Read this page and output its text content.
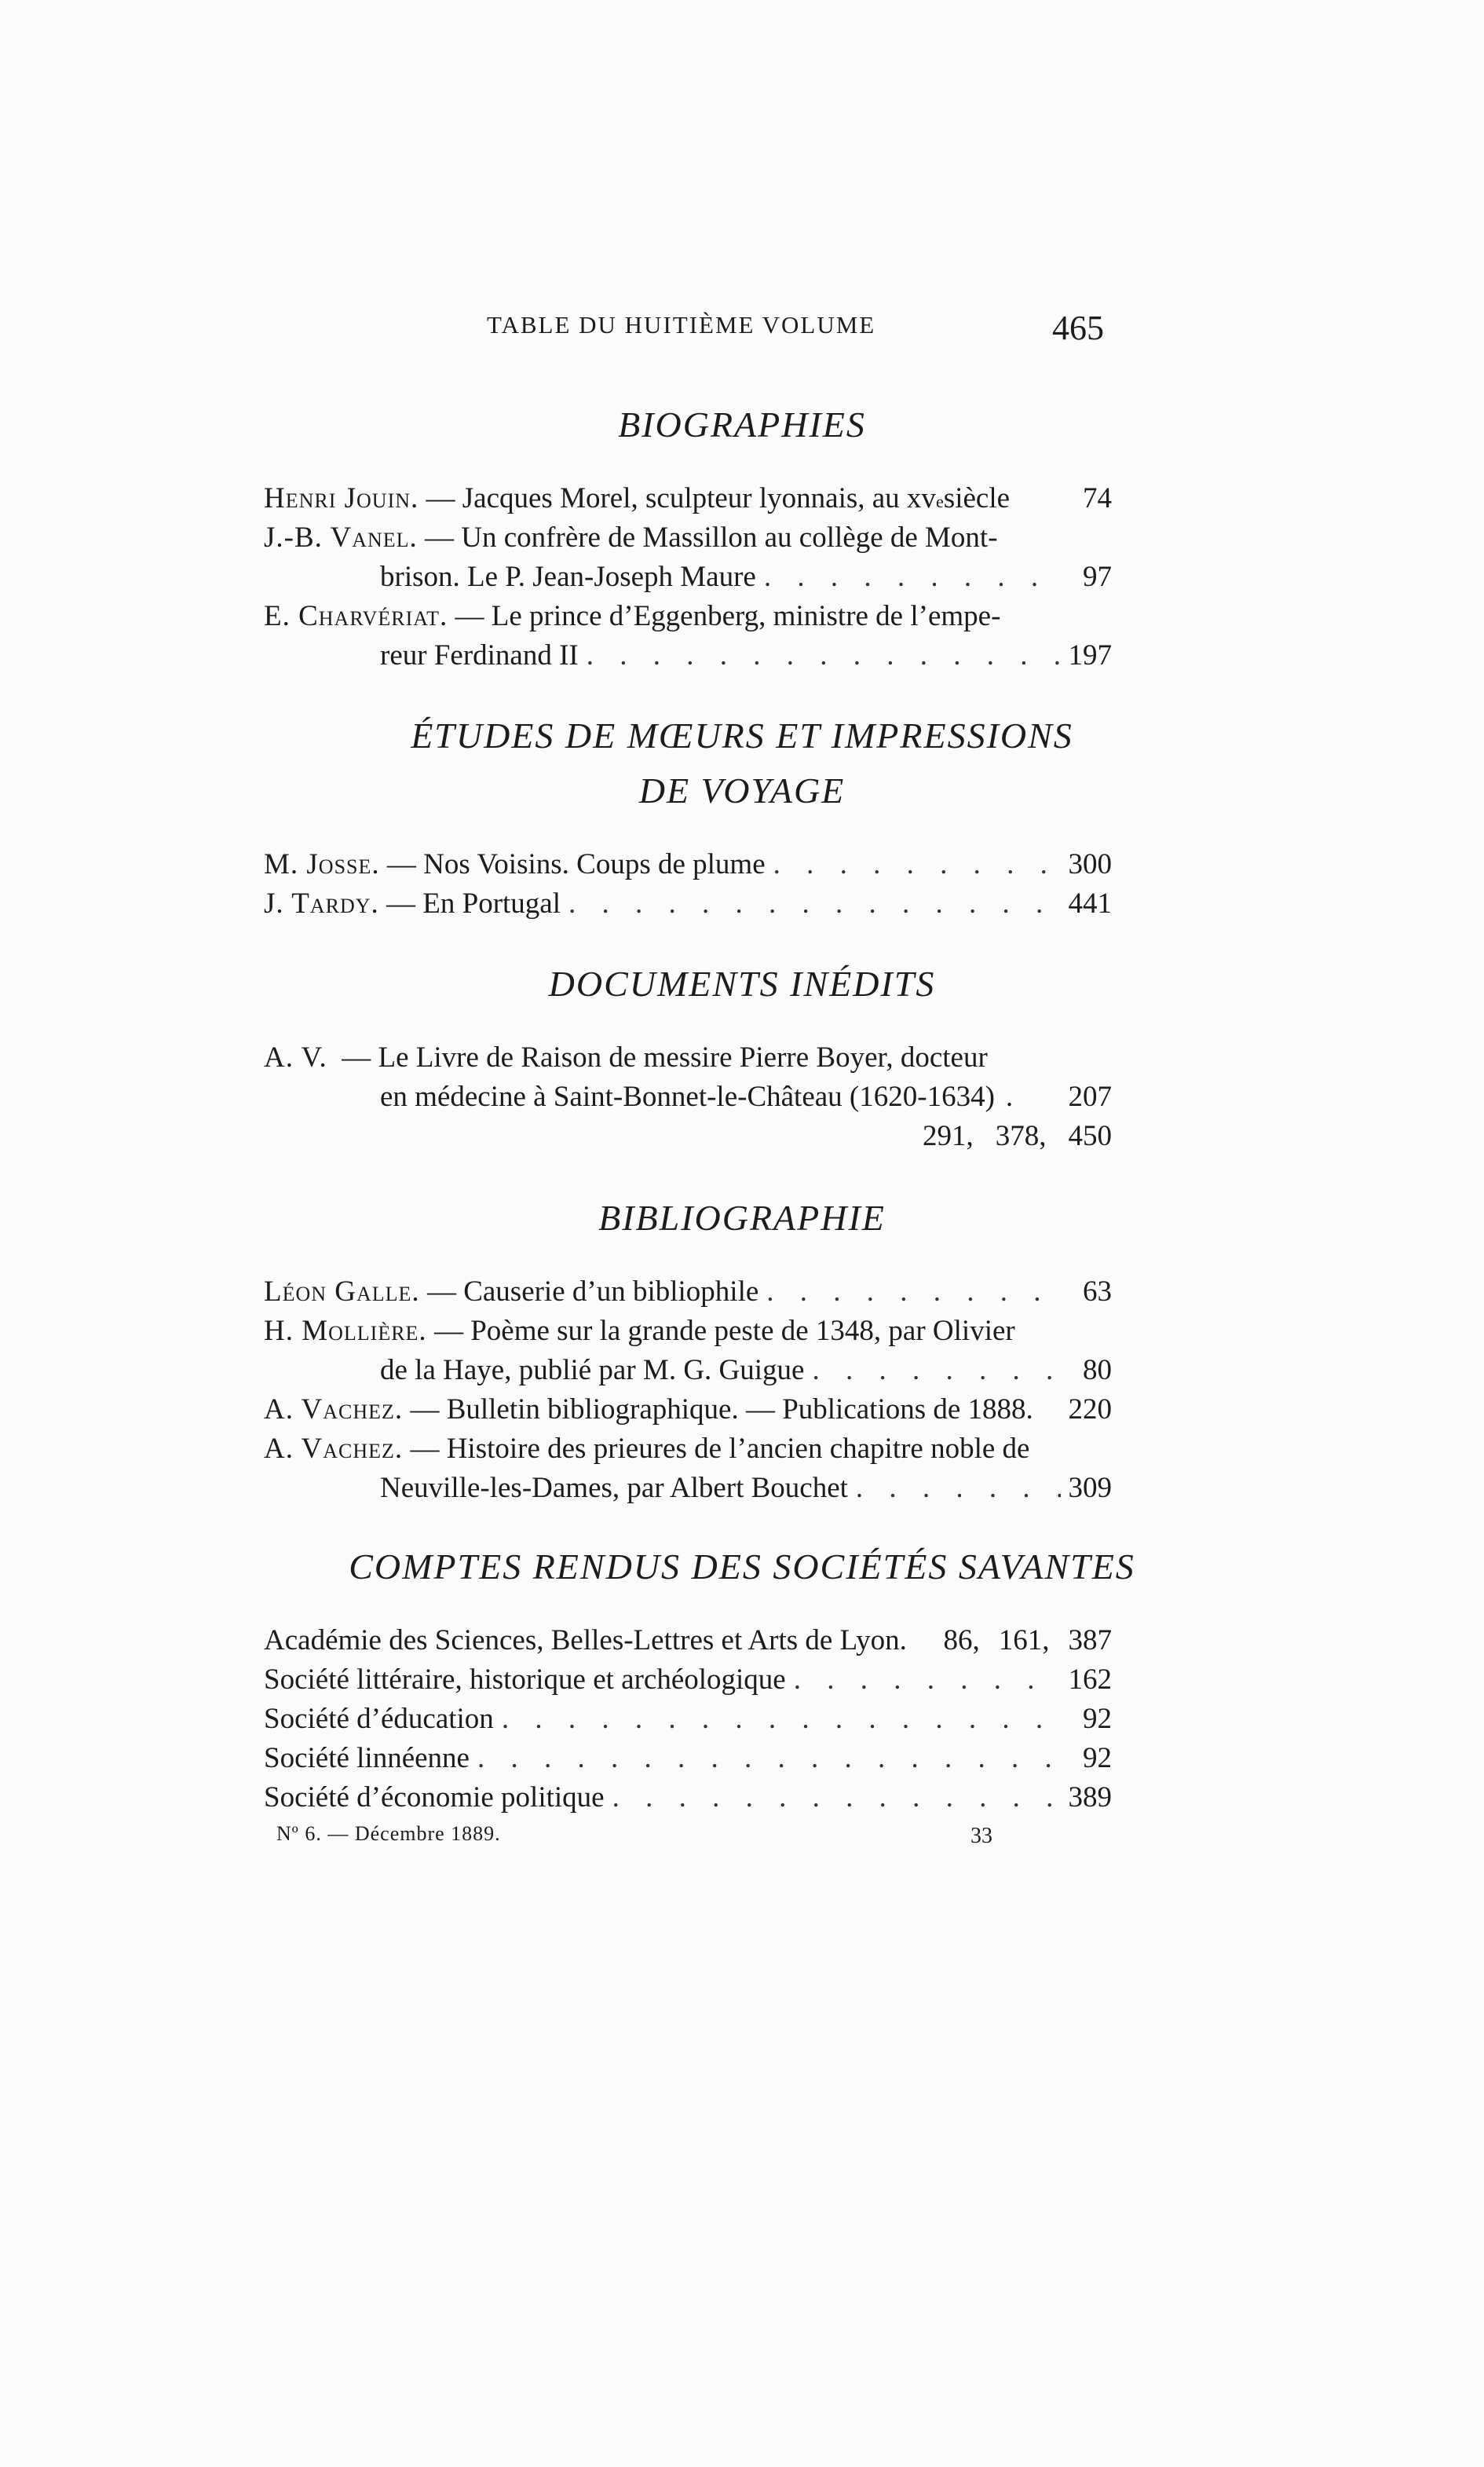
TABLE DU HUITIÈME VOLUME	465
BIOGRAPHIES
Henri Jouin.
— Jacques Morel, sculpteur lyonnais, au xv e siècle	74
J.-B. Vanel.
— Un confrère de Massillon au collège de Mont-
brison. Le P. Jean-Joseph Maure . . .	97
E. Charvériat.
— Le prince d’Eggenberg, ministre de l’empe-
reur Ferdinand II . . .	197
ÉTUDES DE MŒURS ET IMPRESSIONS
DE VOYAGE
M. Josse.
— Nos Voisins. Coups de plume . . .	300
J. Tardy.
— En Portugal . . .	441
DOCUMENTS INÉDITS
A. V.
— Le Livre de Raison de messire Pierre Boyer, docteur
en médecine à Saint-Bonnet-le-Château (1620-1634) . 207
291, 378, 450
BIBLIOGRAPHIE
Léon Galle.
— Causerie d’un bibliophile . . .	63
H. Mollière.
— Poème sur la grande peste de 1348, par Olivier
de la Haye, publié par M. G. Guigue . . .	80
A. Vachez.
— Bulletin bibliographique. — Publications de 1888. 220
A. Vachez.
— Histoire des prieures de l’ancien chapitre noble de
Neuville-les-Dames, par Albert Bouchet . . .	309
COMPTES RENDUS DES SOCIÉTÉS SAVANTES
Académie des Sciences, Belles-Lettres et Arts de Lyon. 86, 161, 387
Société littéraire, historique et archéologique . . .	162
Société d’éducation . . .	92
Société linnéenne . . .	92
Société d’économie politique . . .	389
Nº 6. — Décembre 1889.	33
